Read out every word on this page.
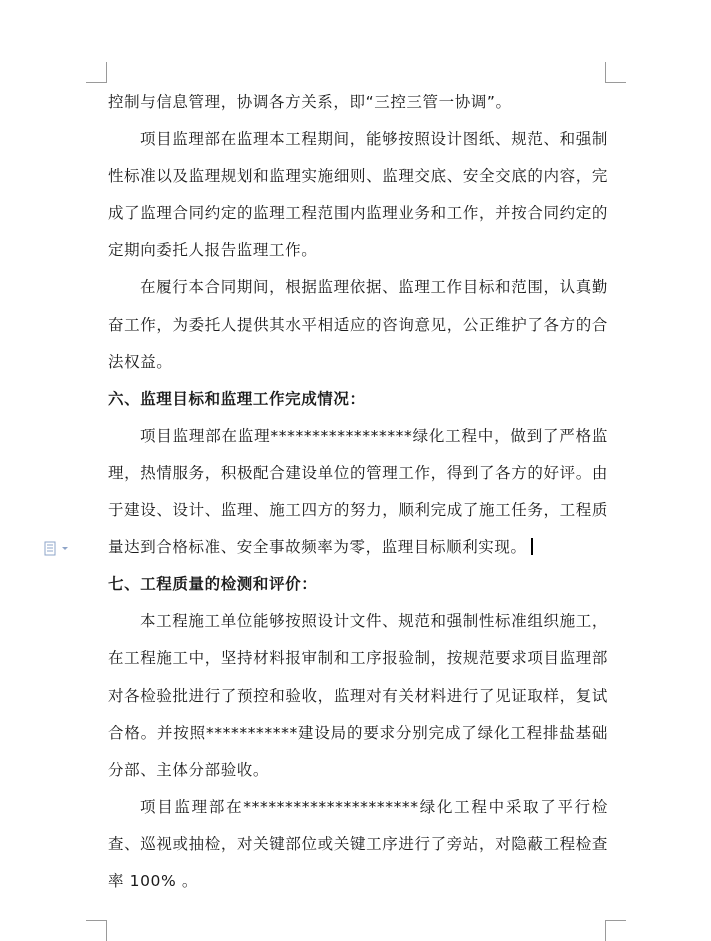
控制与信息管理，协调各方关系，即“三控三管一协调”。

项目监理部在监理本工程期间，能够按照设计图纸、规范、和强制性标准以及监理规划和监理实施细则、监理交底、安全交底的内容，完成了监理合同约定的监理工程范围内监理业务和工作，并按合同约定的定期向委托人报告监理工作。

在履行本合同期间，根据监理依据、监理工作目标和范围，认真勤奋工作，为委托人提供其水平相适应的咨询意见，公正维护了各方的合法权益。

六、监理目标和监理工作完成情况：

项目监理部在监理*****************绿化工程中，做到了严格监理，热情服务，积极配合建设单位的管理工作，得到了各方的好评。由于建设、设计、监理、施工四方的努力，顺利完成了施工任务，工程质量达到合格标准、安全事故频率为零，监理目标顺利实现。

七、工程质量的检测和评价：

本工程施工单位能够按照设计文件、规范和强制性标准组织施工，在工程施工中，坚持材料报审制和工序报验制，按规范要求项目监理部对各检验批进行了预控和验收，监理对有关材料进行了见证取样，复试合格。并按照***********建设局的要求分别完成了绿化工程排盐基础分部、主体分部验收。

项目监理部在*********************绿化工程中采取了平行检查、巡视或抽检，对关键部位或关键工序进行了旁站，对隐蔽工程检查率 100% 。
